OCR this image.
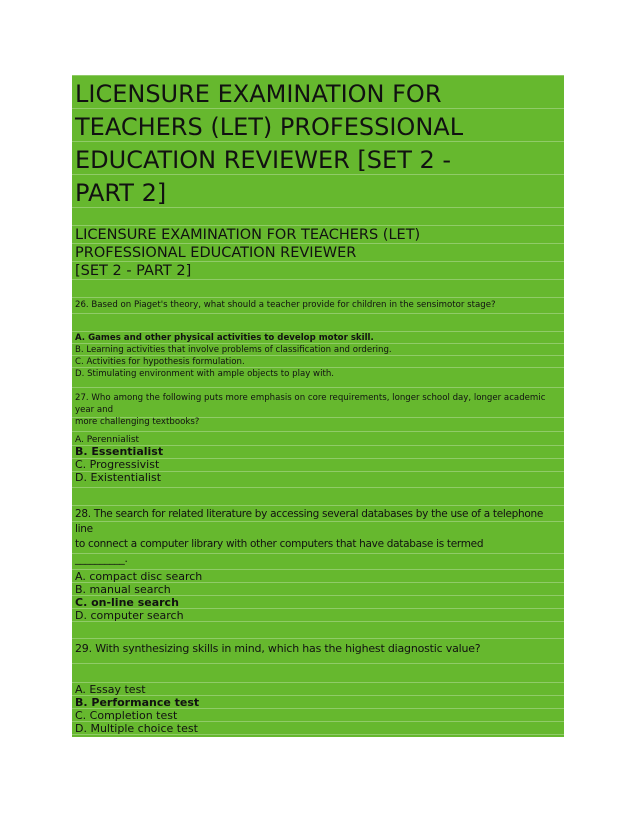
LICENSURE EXAMINATION FOR
TEACHERS (LET) PROFESSIONAL
EDUCATION REVIEWER [SET 2 -
PART 2]
LICENSURE EXAMINATION FOR TEACHERS (LET)
PROFESSIONAL EDUCATION REVIEWER
[SET 2 - PART 2]
26. Based on Piaget's theory, what should a teacher provide for children in the sensimotor stage?
A. Games and other physical activities to develop motor skill.
B. Learning activities that involve problems of classification and ordering.
C. Activities for hypothesis formulation.
D. Stimulating environment with ample objects to play with.
27. Who among the following puts more emphasis on core requirements, longer school day, longer academic year and
more challenging textbooks?
A. Perennialist
B. Essentialist
C. Progressivist
D. Existentialist
28. The search for related literature by accessing several databases by the use of a telephone line
to connect a computer library with other computers that have database is termed
__________.
A. compact disc search
B. manual search
C. on-line search
D. computer search
29. With synthesizing skills in mind, which has the highest diagnostic value?
A. Essay test
B. Performance test
C. Completion test
D. Multiple choice test
